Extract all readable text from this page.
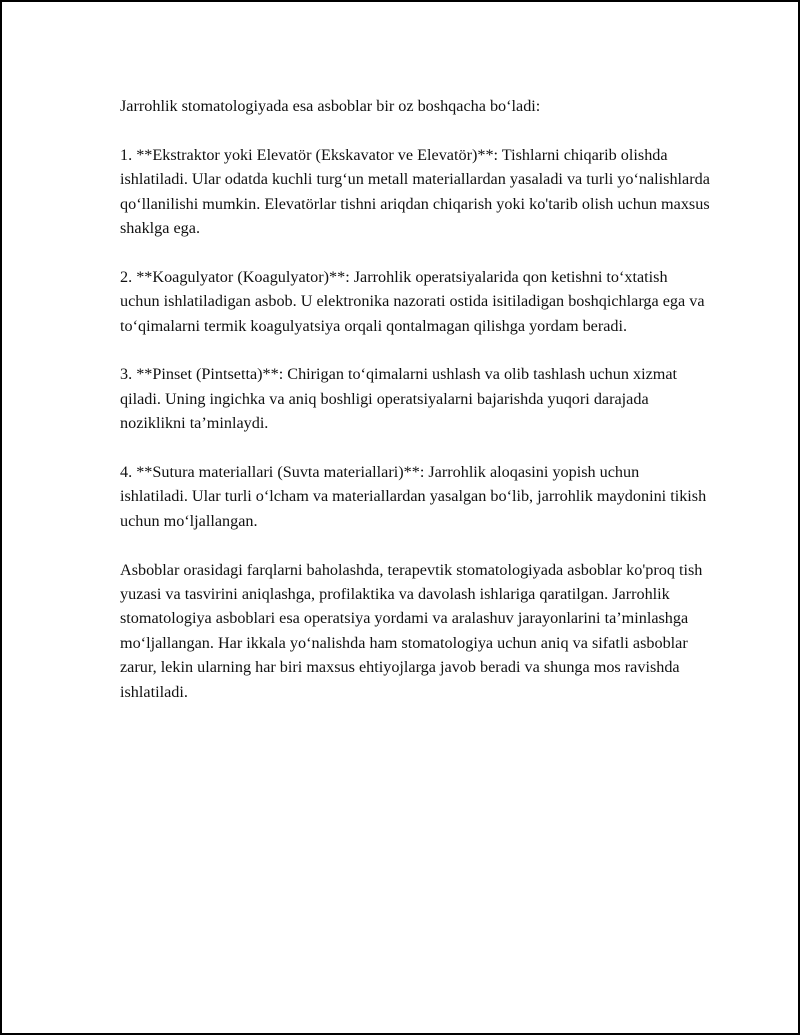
Jarrohlik stomatologiyada esa asboblar bir oz boshqacha bo‘ladi:

1. **Ekstraktor yoki Elevatör (Ekskavator ve Elevatör)**: Tishlarni chiqarib olishda ishlatiladi. Ular odatda kuchli turg‘un metall materiallardan yasaladi va turli yo‘nalishlarda qo‘llanilishi mumkin. Elevatörlar tishni ariqdan chiqarish yoki ko'tarib olish uchun maxsus shaklga ega.

2. **Koagulyator (Koagulyator)**: Jarrohlik operatsiyalarida qon ketishni to‘xtatish uchun ishlatiladigan asbob. U elektronika nazorati ostida isitiladigan boshqichlarga ega va to‘qimalarni termik koagulyatsiya orqali qontalmagan qilishga yordam beradi.

3. **Pinset (Pintsetta)**: Chirigan to‘qimalarni ushlash va olib tashlash uchun xizmat qiladi. Uning ingichka va aniq boshligi operatsiyalarni bajarishda yuqori darajada noziklikni ta’minlaydi.

4. **Sutura materiallari (Suvta materiallari)**: Jarrohlik aloqasini yopish uchun ishlatiladi. Ular turli o‘lcham va materiallardan yasalgan bo‘lib, jarrohlik maydonini tikish uchun mo‘ljallangan.

Asboblar orasidagi farqlarni baholashda, terapevtik stomatologiyada asboblar ko'proq tish yuzasi va tasvirini aniqlashga, profilaktika va davolash ishlariga qaratilgan. Jarrohlik stomatologiya asboblari esa operatsiya yordami va aralashuv jarayonlarini ta’minlashga mo‘ljallangan. Har ikkala yo‘nalishda ham stomatologiya uchun aniq va sifatli asboblar zarur, lekin ularning har biri maxsus ehtiyojlarga javob beradi va shunga mos ravishda ishlatiladi.
